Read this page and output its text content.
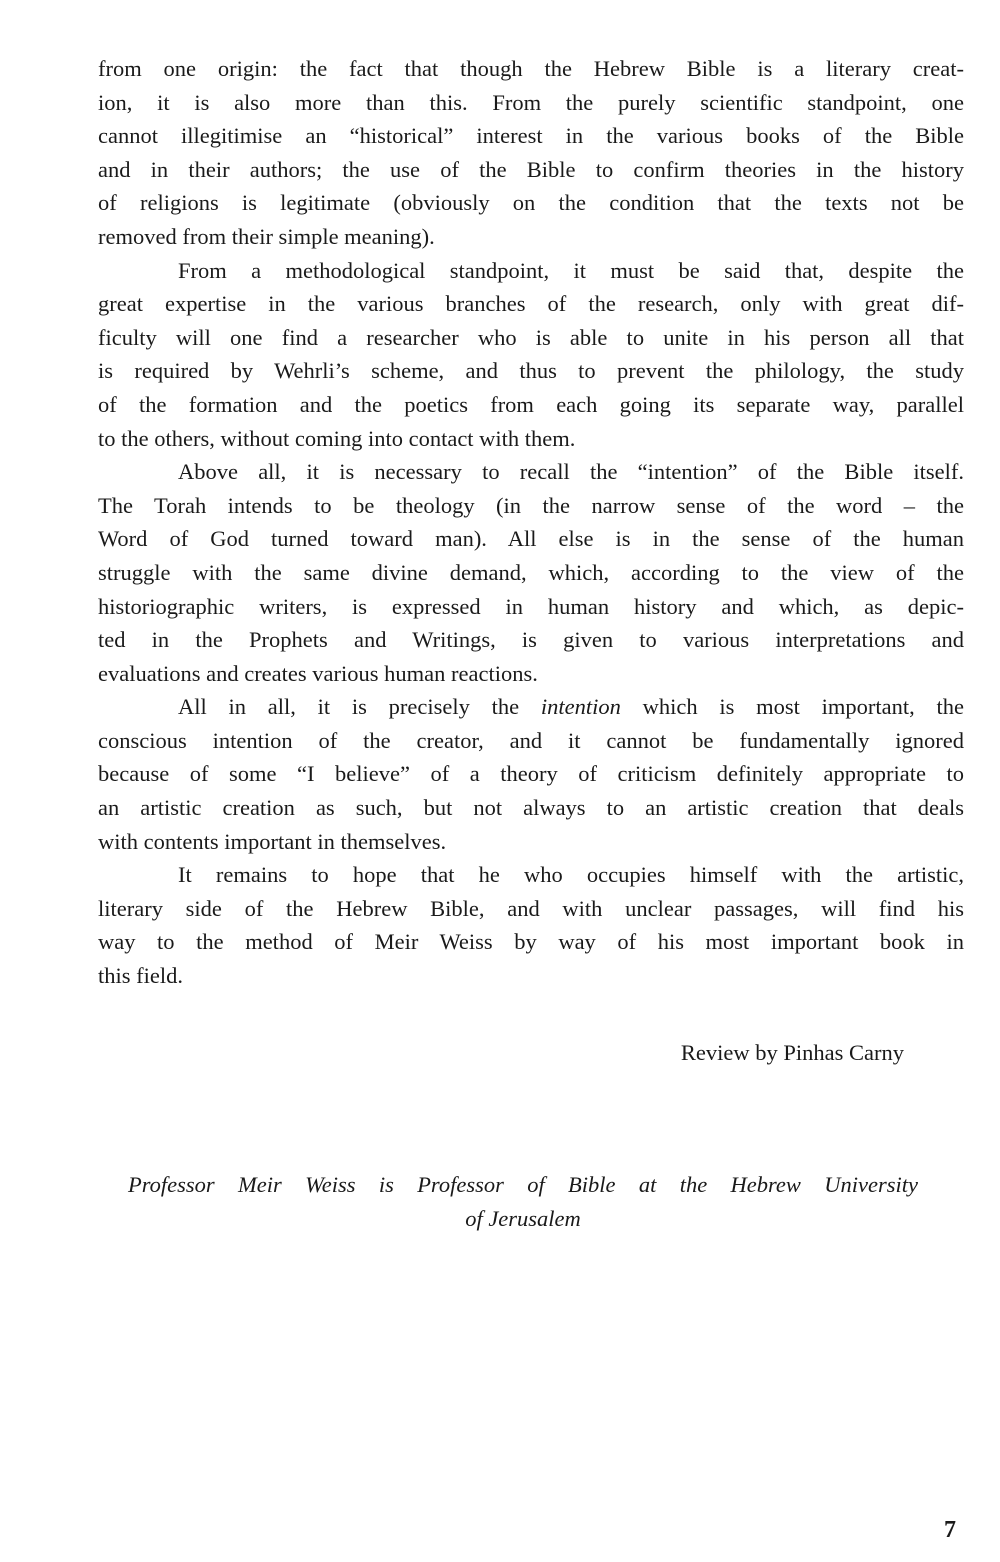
from one origin: the fact that though the Hebrew Bible is a literary creat-
ion, it is also more than this. From the purely scientific standpoint, one
cannot illegitimise an “historical” interest in the various books of the Bible
and in their authors; the use of the Bible to confirm theories in the history
of religions is legitimate (obviously on the condition that the texts not be
removed from their simple meaning).
From a methodological standpoint, it must be said that, despite the
great expertise in the various branches of the research, only with great dif-
ficulty will one find a researcher who is able to unite in his person all that
is required by Wehrli’s scheme, and thus to prevent the philology, the study
of the formation and the poetics from each going its separate way, parallel
to the others, without coming into contact with them.
Above all, it is necessary to recall the “intention” of the Bible itself.
The Torah intends to be theology (in the narrow sense of the word – the
Word of God turned toward man). All else is in the sense of the human
struggle with the same divine demand, which, according to the view of the
historiographic writers, is expressed in human history and which, as depic-
ted in the Prophets and Writings, is given to various interpretations and
evaluations and creates various human reactions.
All in all, it is precisely the intention which is most important, the
conscious intention of the creator, and it cannot be fundamentally ignored
because of some “I believe” of a theory of criticism definitely appropriate to
an artistic creation as such, but not always to an artistic creation that deals
with contents important in themselves.
It remains to hope that he who occupies himself with the artistic,
literary side of the Hebrew Bible, and with unclear passages, will find his
way to the method of Meir Weiss by way of his most important book in
this field.
Review by Pinhas Carny
Professor Meir Weiss is Professor of Bible at the Hebrew University
of Jerusalem
7
